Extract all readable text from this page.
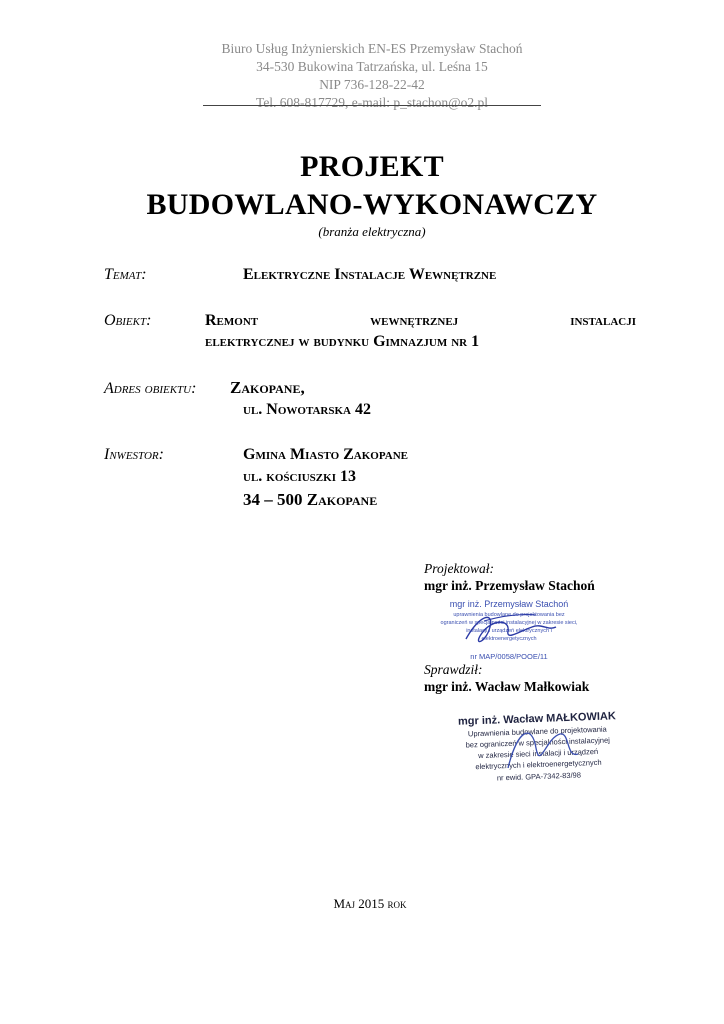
Biuro Usług Inżynierskich EN-ES Przemysław Stachoń
34-530 Bukowina Tatrzańska, ul. Leśna 15
NIP 736-128-22-42
Tel. 608-817729, e-mail: p_stachon@o2.pl
PROJEKT
BUDOWLANO-WYKONAWCZY
(branża elektryczna)
Temat:	Elektryczne Instalacje Wewnętrzne
Obiekt:	Remont	wewnętrznej	instalacji
elektrycznej w budynku Gimnazjum nr 1
Adres obiektu: Zakopane,
ul. Nowotarska 42
Inwestor:	Gmina Miasto Zakopane
ul. kościuszki 13
34 – 500 Zakopane
Projektował:
mgr inż. Przemysław Stachoń
mgr inż. Przemysław Stachoń
uprawnienia budowlane do projektowania bez
ograniczeń w specjalności instalacyjnej w zakresie sieci,
instalacji i urządzeń elektrycznych i
elektroenergetycznych
nr MAP/0058/POOE/11
Sprawdził:
mgr inż. Wacław Małkowiak
mgr inż. Wacław MAŁKOWIAK
Uprawnienia budowlane do projektowania
bez ograniczeń w specjalności instalacyjnej
w zakresie sieci instalacji i urządzeń
elektrycznych i elektroenergetycznych
nr ewid. GPA-7342-83/98
Maj 2015 rok
